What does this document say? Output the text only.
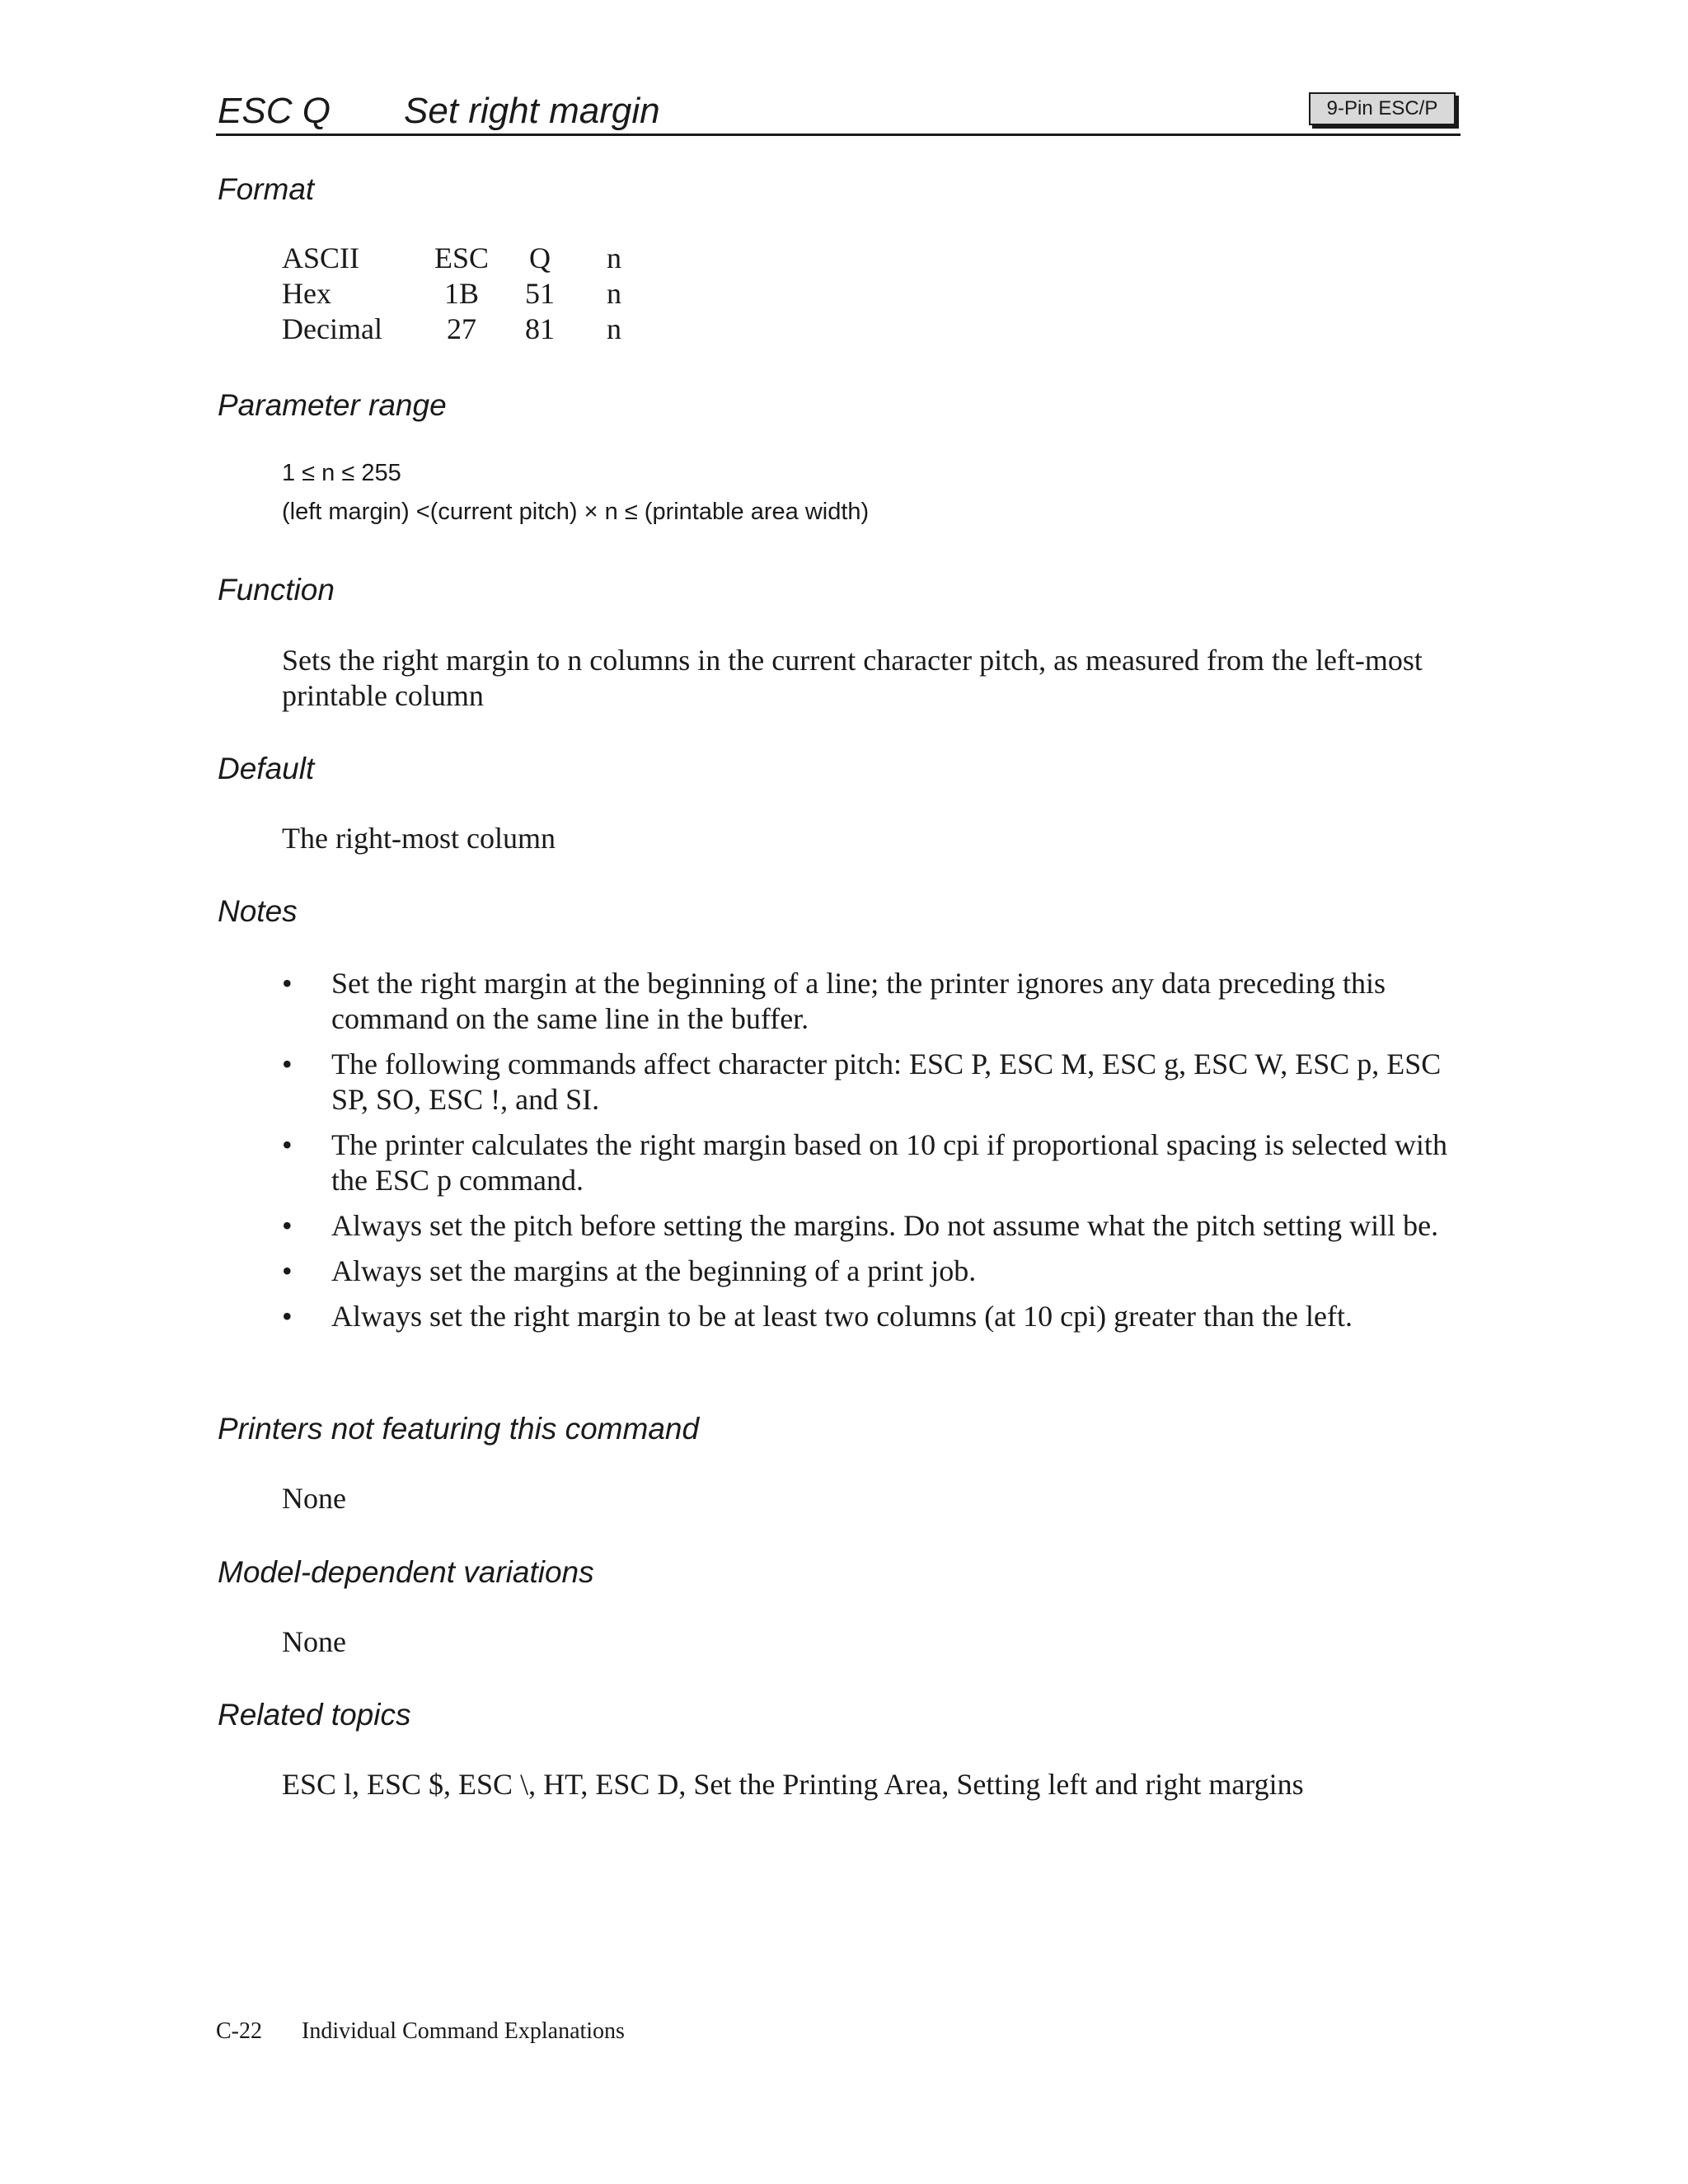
ESC Q Set right margin	9-Pin ESC/P
Format
ASCII	ESC	Q	n
Hex	1B	51	n
Decimal	27	81	n
Parameter range
1 ≤ n ≤ 255
(left margin) <(current pitch) × n ≤ (printable area width)
Function
Sets the right margin to n columns in the current character pitch, as measured from the left-most printable column
Default
The right-most column
Notes
• Set the right margin at the beginning of a line; the printer ignores any data preceding this command on the same line in the buffer.
• The following commands affect character pitch: ESC P, ESC M, ESC g, ESC W, ESC p, ESC SP, SO, ESC !, and SI.
• The printer calculates the right margin based on 10 cpi if proportional spacing is selected with the ESC p command.
• Always set the pitch before setting the margins. Do not assume what the pitch setting will be.
• Always set the margins at the beginning of a print job.
• Always set the right margin to be at least two columns (at 10 cpi) greater than the left.
Printers not featuring this command
None
Model-dependent variations
None
Related topics
ESC l, ESC $, ESC \, HT, ESC D, Set the Printing Area, Setting left and right margins
C-22 Individual Command Explanations
